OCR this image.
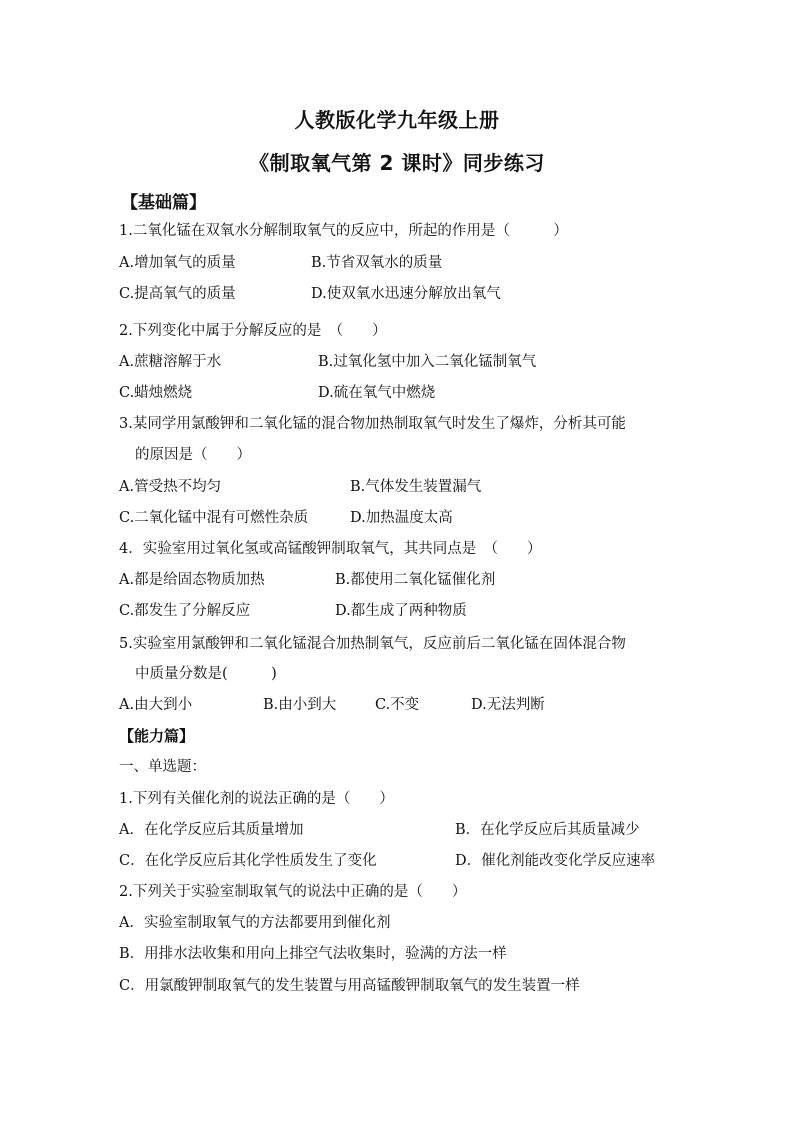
人教版化学九年级上册
《制取氧气第 2 课时》同步练习
【基础篇】
1.二氧化锰在双氧水分解制取氧气的反应中，所起的作用是（　　　）
A.增加氧气的质量	B.节省双氧水的质量
C.提高氧气的质量	D.使双氧水迅速分解放出氧气
2.下列变化中属于分解反应的是　（　　）
A.蔗糖溶解于水	B.过氧化氢中加入二氧化锰制氧气
C.蜡烛燃烧	D.硫在氧气中燃烧
3.某同学用氯酸钾和二氧化锰的混合物加热制取氧气时发生了爆炸，分析其可能
的原因是（　　）
A.管受热不均匀	B.气体发生装置漏气
C.二氧化锰中混有可燃性杂质	D.加热温度太高
4．实验室用过氧化氢或高锰酸钾制取氧气，其共同点是　（　　）
A.都是给固态物质加热	B.都使用二氧化锰催化剂
C.都发生了分解反应	D.都生成了两种物质
5.实验室用氯酸钾和二氧化锰混合加热制氧气，反应前后二氧化锰在固体混合物
中质量分数是(　　　)
A.由大到小	B.由小到大	C.不变	D.无法判断
【能力篇】
一、单选题：
1.下列有关催化剂的说法正确的是（　　）
A．在化学反应后其质量增加	B．在化学反应后其质量减少
C．在化学反应后其化学性质发生了变化	D．催化剂能改变化学反应速率
2.下列关于实验室制取氧气的说法中正确的是（　　）
A．实验室制取氧气的方法都要用到催化剂
B．用排水法收集和用向上排空气法收集时，验满的方法一样
C．用氯酸钾制取氧气的发生装置与用高锰酸钾制取氧气的发生装置一样
